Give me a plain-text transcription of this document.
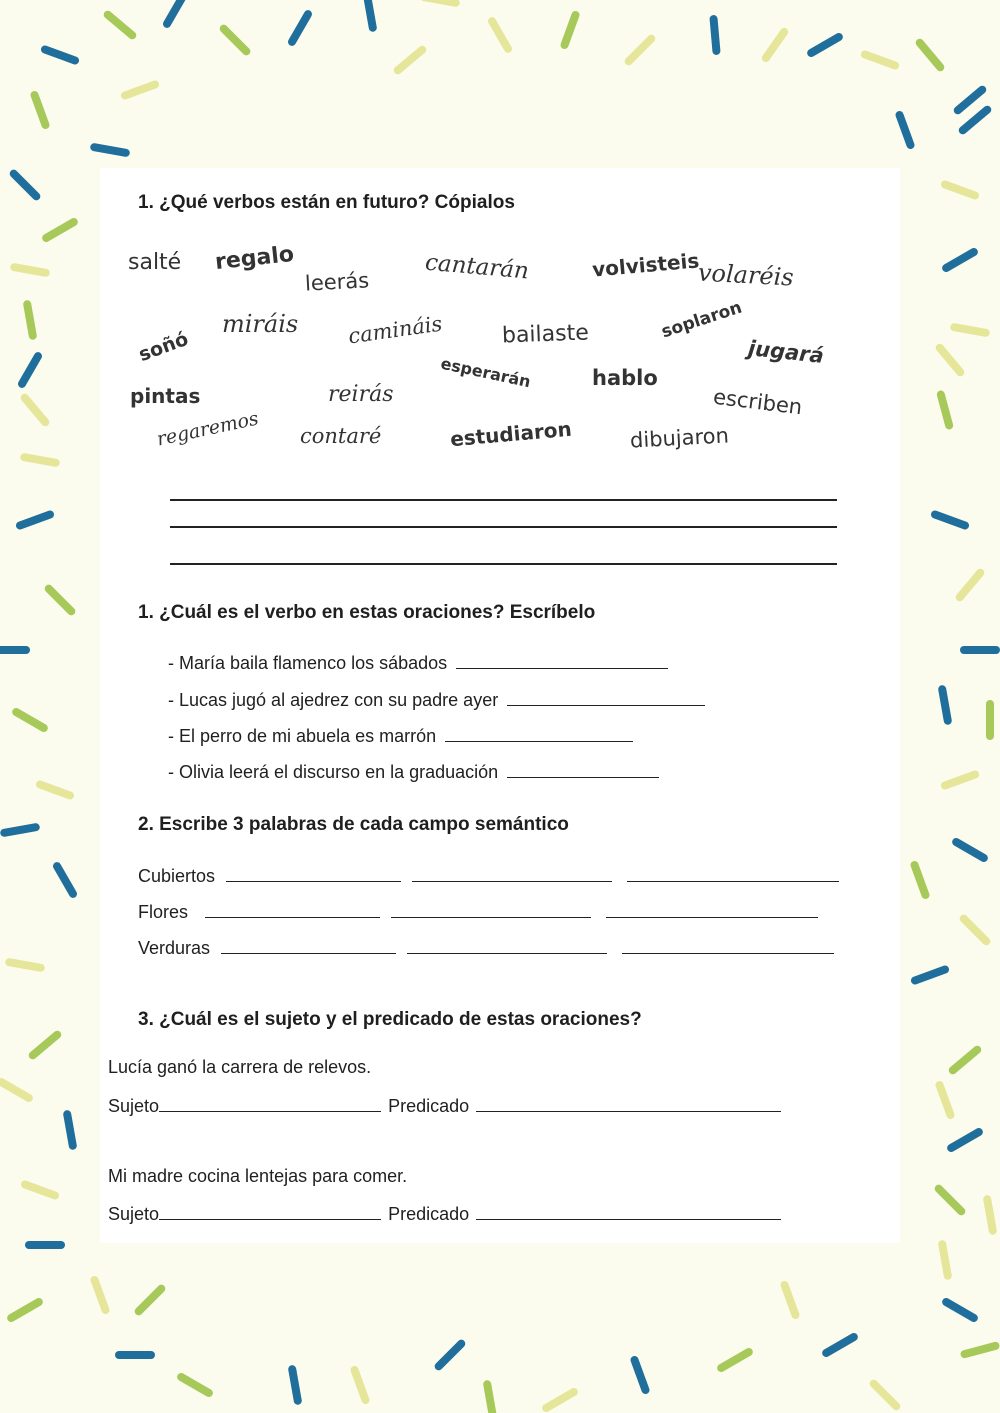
1. ¿Qué verbos están en futuro? Cópialos
salté regalo
leerás cantarán	volvisteis
volaréis
soñó
miráis camináis	bailaste	soplaron
jugará
esperarán	hablo
pintas	reirás	escriben
regaremos contaré	estudiaron	dibujaron
1. ¿Cuál es el verbo en estas oraciones? Escríbelo
- María baila flamenco los sábados
- Lucas jugó al ajedrez con su padre ayer
- El perro de mi abuela es marrón
- Olivia leerá el discurso en la graduación
2. Escribe 3 palabras de cada campo semántico
Cubiertos
Flores
Verduras
3. ¿Cuál es el sujeto y el predicado de estas oraciones?
Lucía ganó la carrera de relevos.
Sujeto	Predicado
Mi madre cocina lentejas para comer.
Sujeto	Predicado
